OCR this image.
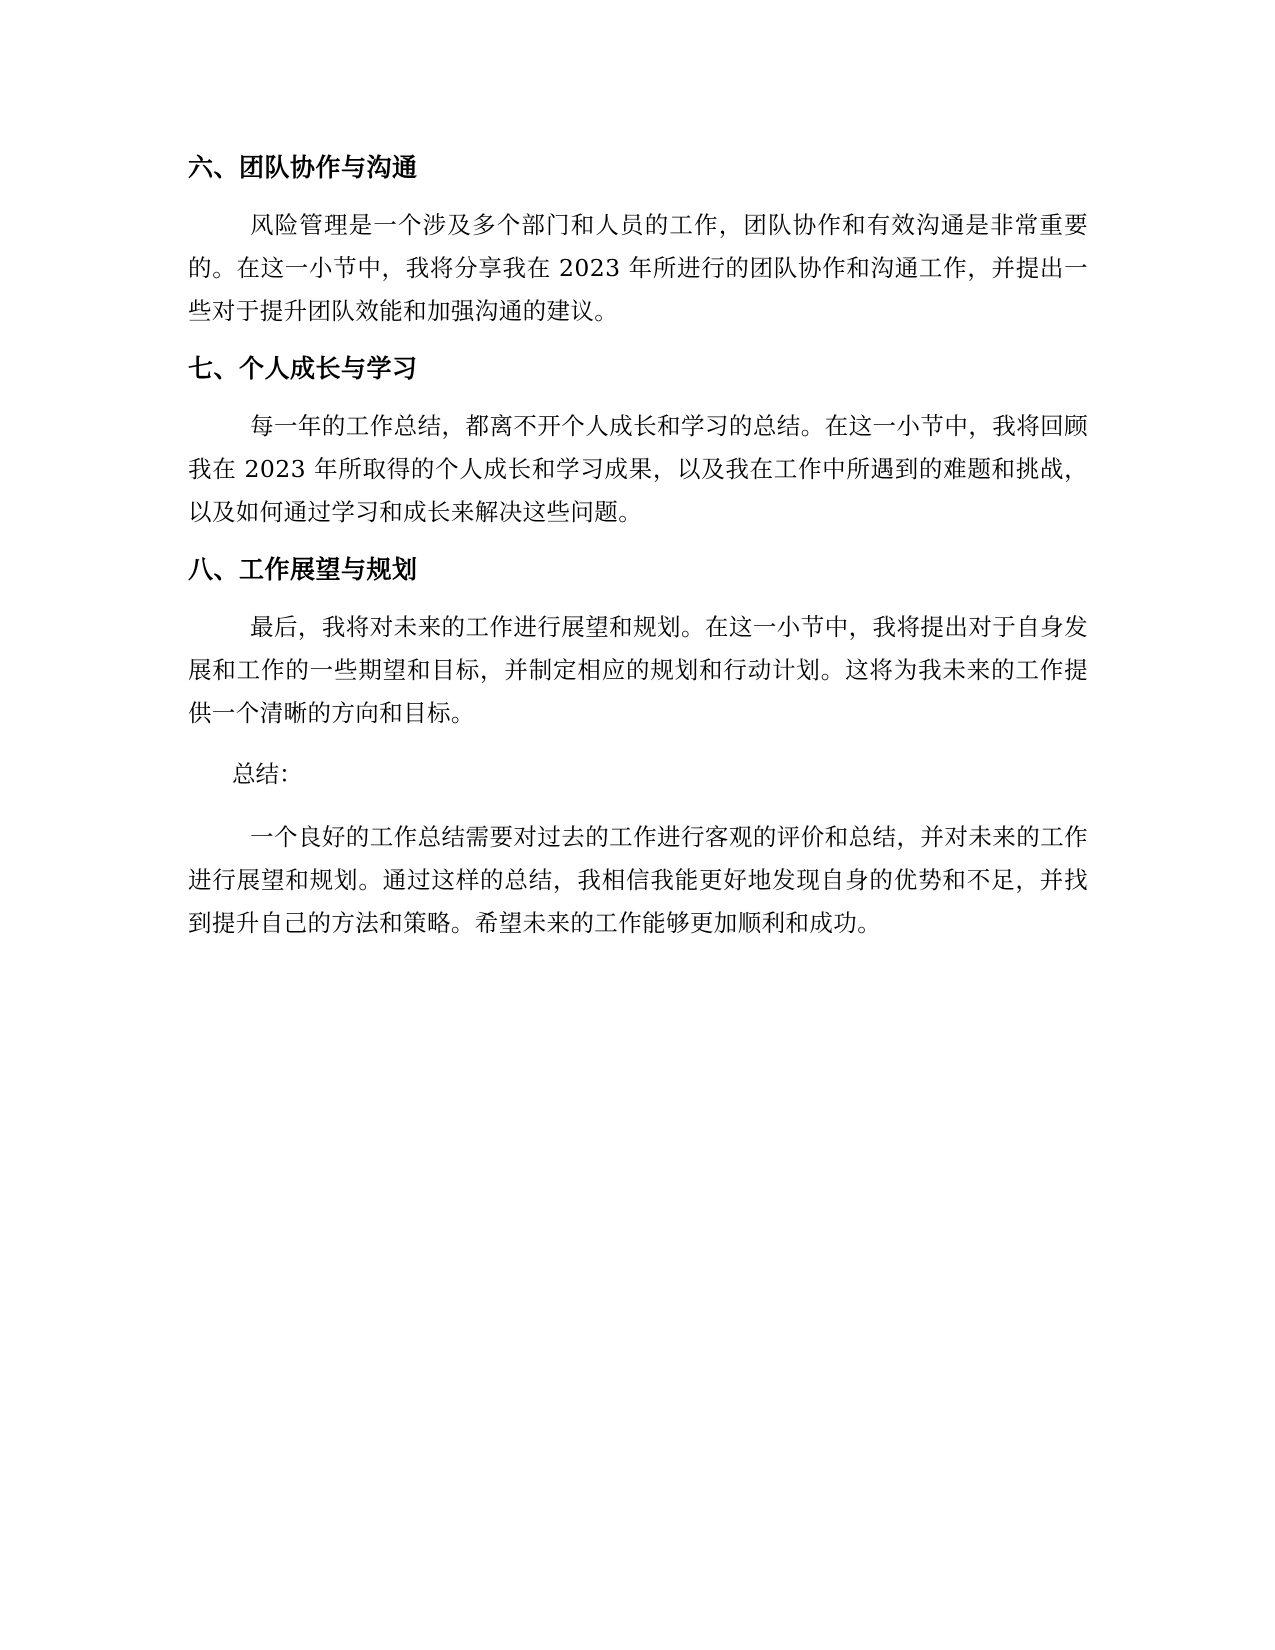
六、团队协作与沟通

风险管理是一个涉及多个部门和人员的工作，团队协作和有效沟通是非常重要的。在这一小节中，我将分享我在 2023 年所进行的团队协作和沟通工作，并提出一些对于提升团队效能和加强沟通的建议。

七、个人成长与学习

每一年的工作总结，都离不开个人成长和学习的总结。在这一小节中，我将回顾我在 2023 年所取得的个人成长和学习成果，以及我在工作中所遇到的难题和挑战，以及如何通过学习和成长来解决这些问题。

八、工作展望与规划

最后，我将对未来的工作进行展望和规划。在这一小节中，我将提出对于自身发展和工作的一些期望和目标，并制定相应的规划和行动计划。这将为我未来的工作提供一个清晰的方向和目标。

总结：

一个良好的工作总结需要对过去的工作进行客观的评价和总结，并对未来的工作进行展望和规划。通过这样的总结，我相信我能更好地发现自身的优势和不足，并找到提升自己的方法和策略。希望未来的工作能够更加顺利和成功。
